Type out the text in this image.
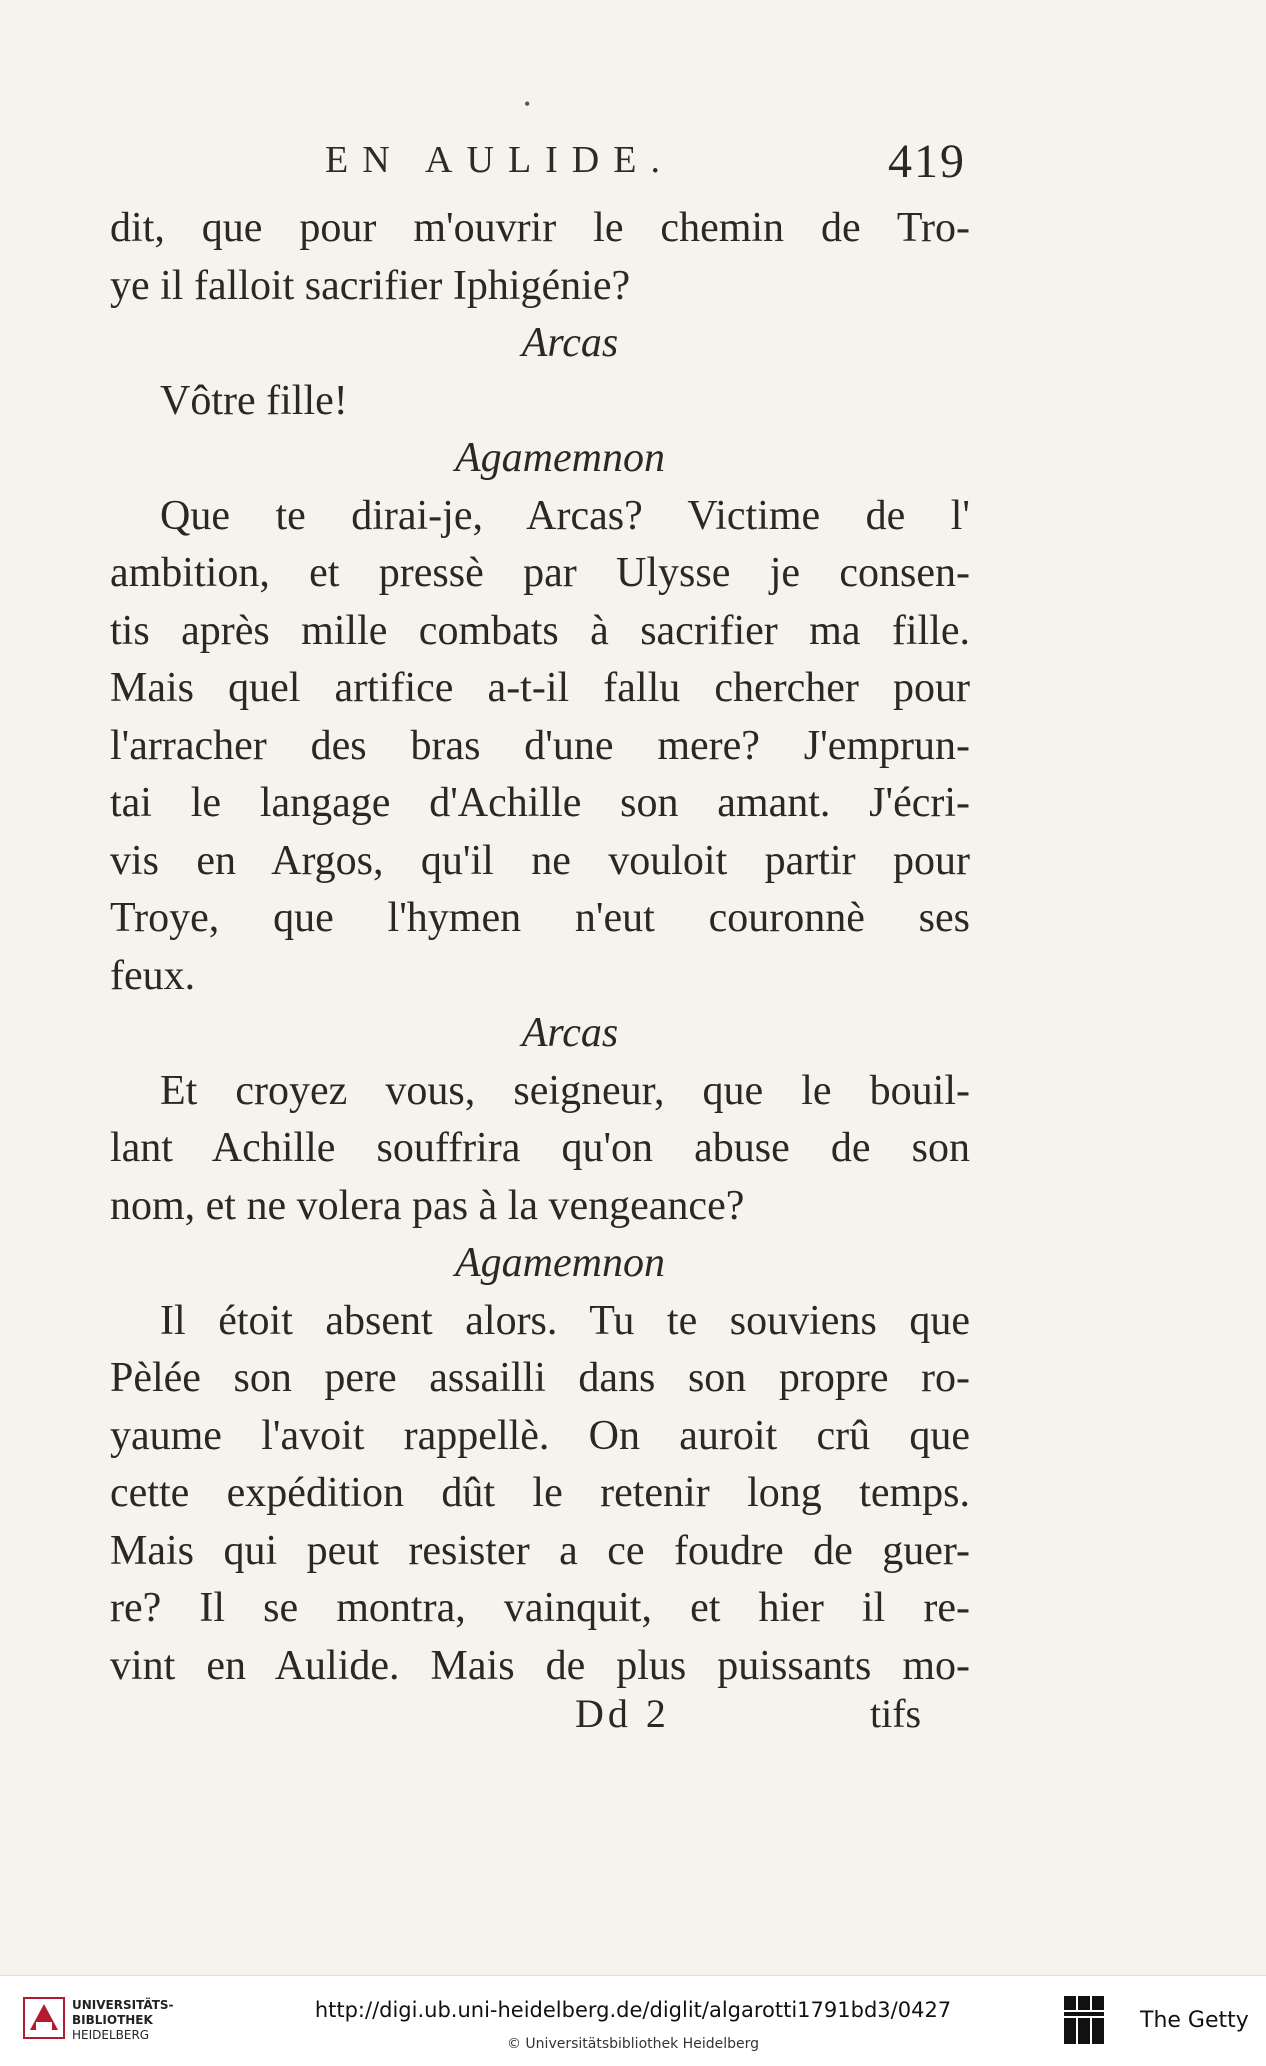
•
EN AULIDE.	419
dit, que pour m'ouvrir le chemin de Tro-
ye il falloit sacrifier Iphigénie?
Arcas
Vôtre fille!
Agamemnon
Que te dirai-je, Arcas? Victime de l'
ambition, et pressè par Ulysse je consen-
tis après mille combats à sacrifier ma fille.
Mais quel artifice a-t-il fallu chercher pour
l'arracher des bras d'une mere? J'emprun-
tai le langage d'Achille son amant. J'écri-
vis en Argos, qu'il ne vouloit partir pour
Troye, que l'hymen n'eut couronnè ses
feux.
Arcas
Et croyez vous, seigneur, que le bouil-
lant Achille souffrira qu'on abuse de son
nom, et ne volera pas à la vengeance?
Agamemnon
Il étoit absent alors. Tu te souviens que
Pèlée son pere assailli dans son propre ro-
yaume l'avoit rappellè. On auroit crû que
cette expédition dût le retenir long temps.
Mais qui peut resister a ce foudre de guer-
re? Il se montra, vainquit, et hier il re-
vint en Aulide. Mais de plus puissants mo-
Dd 2	tifs
UNIVERSITÄTS-
BIBLIOTHEK
HEIDELBERG
http://digi.ub.uni-heidelberg.de/diglit/algarotti1791bd3/0427
© Universitätsbibliothek Heidelberg
The Getty
